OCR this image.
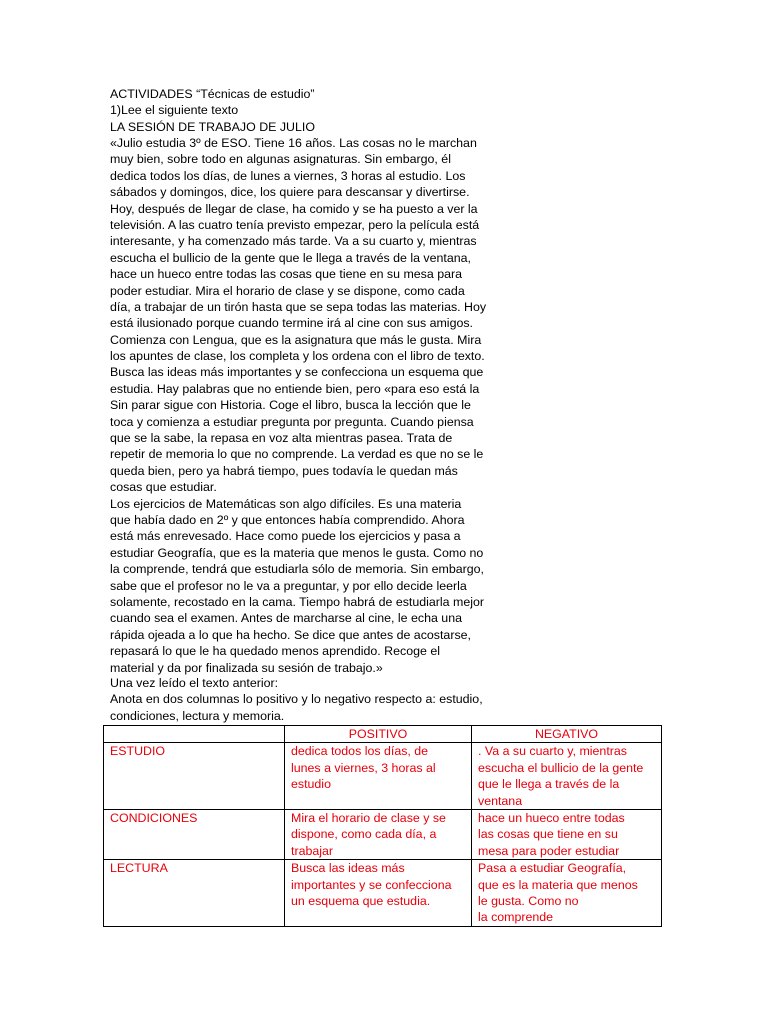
ACTIVIDADES “Técnicas de estudio”
1)Lee el siguiente texto
LA SESIÓN DE TRABAJO DE JULIO
«Julio estudia 3º de ESO. Tiene 16 años. Las cosas no le marchan
muy bien, sobre todo en algunas asignaturas. Sin embargo, él
dedica todos los días, de lunes a viernes, 3 horas al estudio. Los
sábados y domingos, dice, los quiere para descansar y divertirse.
Hoy, después de llegar de clase, ha comido y se ha puesto a ver la
televisión. A las cuatro tenía previsto empezar, pero la película está
interesante, y ha comenzado más tarde. Va a su cuarto y, mientras
escucha el bullicio de la gente que le llega a través de la ventana,
hace un hueco entre todas las cosas que tiene en su mesa para
poder estudiar. Mira el horario de clase y se dispone, como cada
día, a trabajar de un tirón hasta que se sepa todas las materias. Hoy
está ilusionado porque cuando termine irá al cine con sus amigos.
Comienza con Lengua, que es la asignatura que más le gusta. Mira
los apuntes de clase, los completa y los ordena con el libro de texto.
Busca las ideas más importantes y se confecciona un esquema que
estudia. Hay palabras que no entiende bien, pero «para eso está la
Sin parar sigue con Historia. Coge el libro, busca la lección que le
toca y comienza a estudiar pregunta por pregunta. Cuando piensa
que se la sabe, la repasa en voz alta mientras pasea. Trata de
repetir de memoria lo que no comprende. La verdad es que no se le
queda bien, pero ya habrá tiempo, pues todavía le quedan más
cosas que estudiar.
Los ejercicios de Matemáticas son algo difíciles. Es una materia
que había dado en 2º y que entonces había comprendido. Ahora
está más enrevesado. Hace como puede los ejercicios y pasa a
estudiar Geografía, que es la materia que menos le gusta. Como no
la comprende, tendrá que estudiarla sólo de memoria. Sin embargo,
sabe que el profesor no le va a preguntar, y por ello decide leerla
solamente, recostado en la cama. Tiempo habrá de estudiarla mejor
cuando sea el examen. Antes de marcharse al cine, le echa una
rápida ojeada a lo que ha hecho. Se dice que antes de acostarse,
repasará lo que le ha quedado menos aprendido. Recoge el
material y da por finalizada su sesión de trabajo.»
Una vez leído el texto anterior:
Anota en dos columnas lo positivo y lo negativo respecto a: estudio,
condiciones, lectura y memoria.
	POSITIVO	NEGATIVO
ESTUDIO	dedica todos los días, de
lunes a viernes, 3 horas al
estudio	. Va a su cuarto y, mientras
escucha el bullicio de la gente
que le llega a través de la
ventana

CONDICIONES	Mira el horario de clase y se
dispone, como cada día, a
trabajar	hace un hueco entre todas
las cosas que tiene en su
mesa para poder estudiar

LECTURA	Busca las ideas más
importantes y se confecciona
un esquema que estudia.	Pasa a estudiar Geografía,
que es la materia que menos
le gusta. Como no
la comprende
